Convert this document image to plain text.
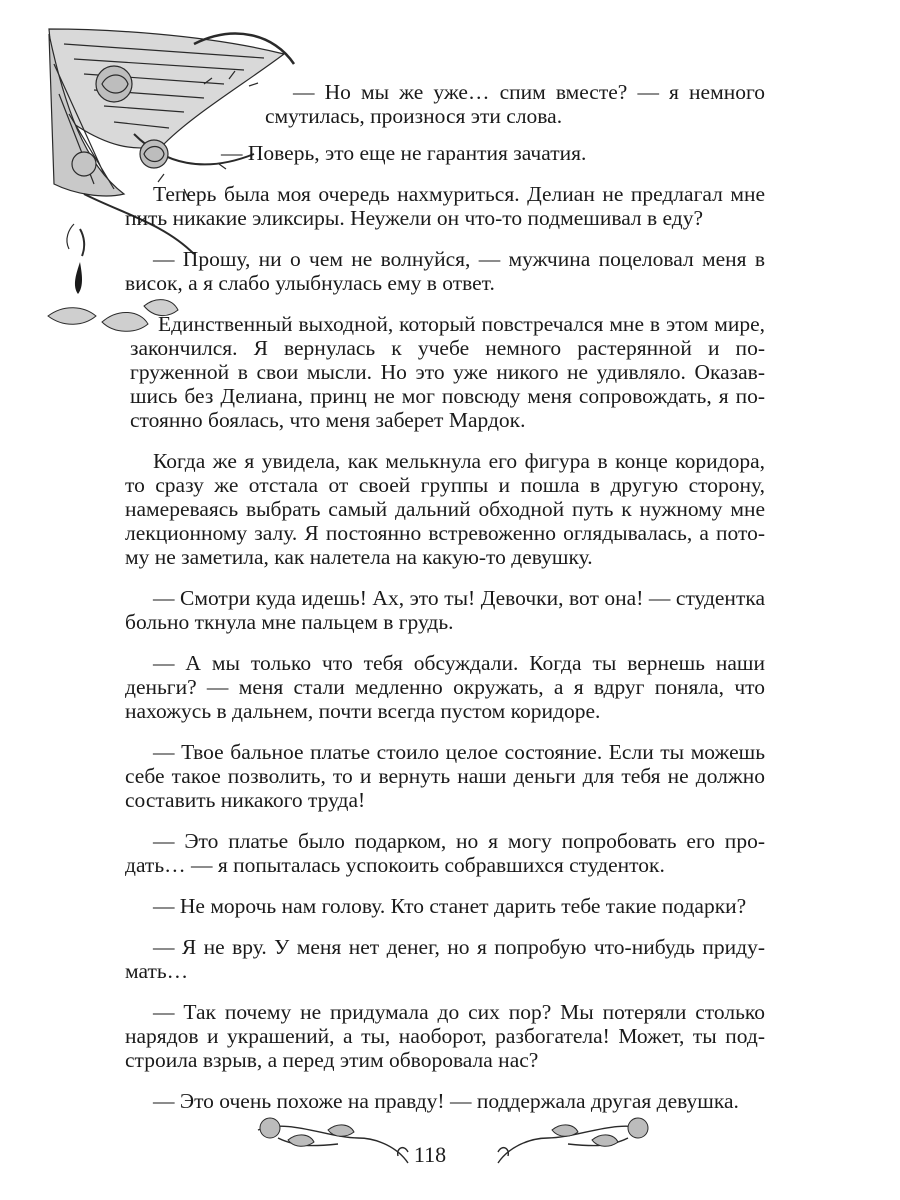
— Но мы же уже… спим вместе? — я немного смутилась, произнося эти слова.

— Поверь, это еще не гарантия зачатия.

Теперь была моя очередь нахмуриться. Делиан не предлагал мне пить никакие эликсиры. Неужели он что-то подмешивал в еду?

— Прошу, ни о чем не волнуйся, — мужчина поцеловал меня в висок, а я слабо улыбнулась ему в ответ.

Единственный выходной, который повстречался мне в этом мире, закончился. Я вернулась к учебе немного растерянной и погруженной в свои мысли. Но это уже никого не удивляло. Оказавшись без Делиана, принц не мог повсюду меня сопровождать, я постоянно боялась, что меня заберет Мардок.

Когда же я увидела, как мелькнула его фигура в конце коридора, то сразу же отстала от своей группы и пошла в другую сторону, намереваясь выбрать самый дальний обходной путь к нужному мне лекционному залу. Я постоянно встревоженно оглядывалась, а потому не заметила, как налетела на какую-то девушку.

— Смотри куда идешь! Ах, это ты! Девочки, вот она! — студентка больно ткнула мне пальцем в грудь.

— А мы только что тебя обсуждали. Когда ты вернешь наши деньги? — меня стали медленно окружать, а я вдруг поняла, что нахожусь в дальнем, почти всегда пустом коридоре.

— Твое бальное платье стоило целое состояние. Если ты можешь себе такое позволить, то и вернуть наши деньги для тебя не должно составить никакого труда!

— Это платье было подарком, но я могу попробовать его продать… — я попыталась успокоить собравшихся студенток.

— Не морочь нам голову. Кто станет дарить тебе такие подарки?

— Я не вру. У меня нет денег, но я попробую что-нибудь придумать…

— Так почему не придумала до сих пор? Мы потеряли столько нарядов и украшений, а ты, наоборот, разбогатела! Может, ты подстроила взрыв, а перед этим обворовала нас?

— Это очень похоже на правду! — поддержала другая девушка.

118
